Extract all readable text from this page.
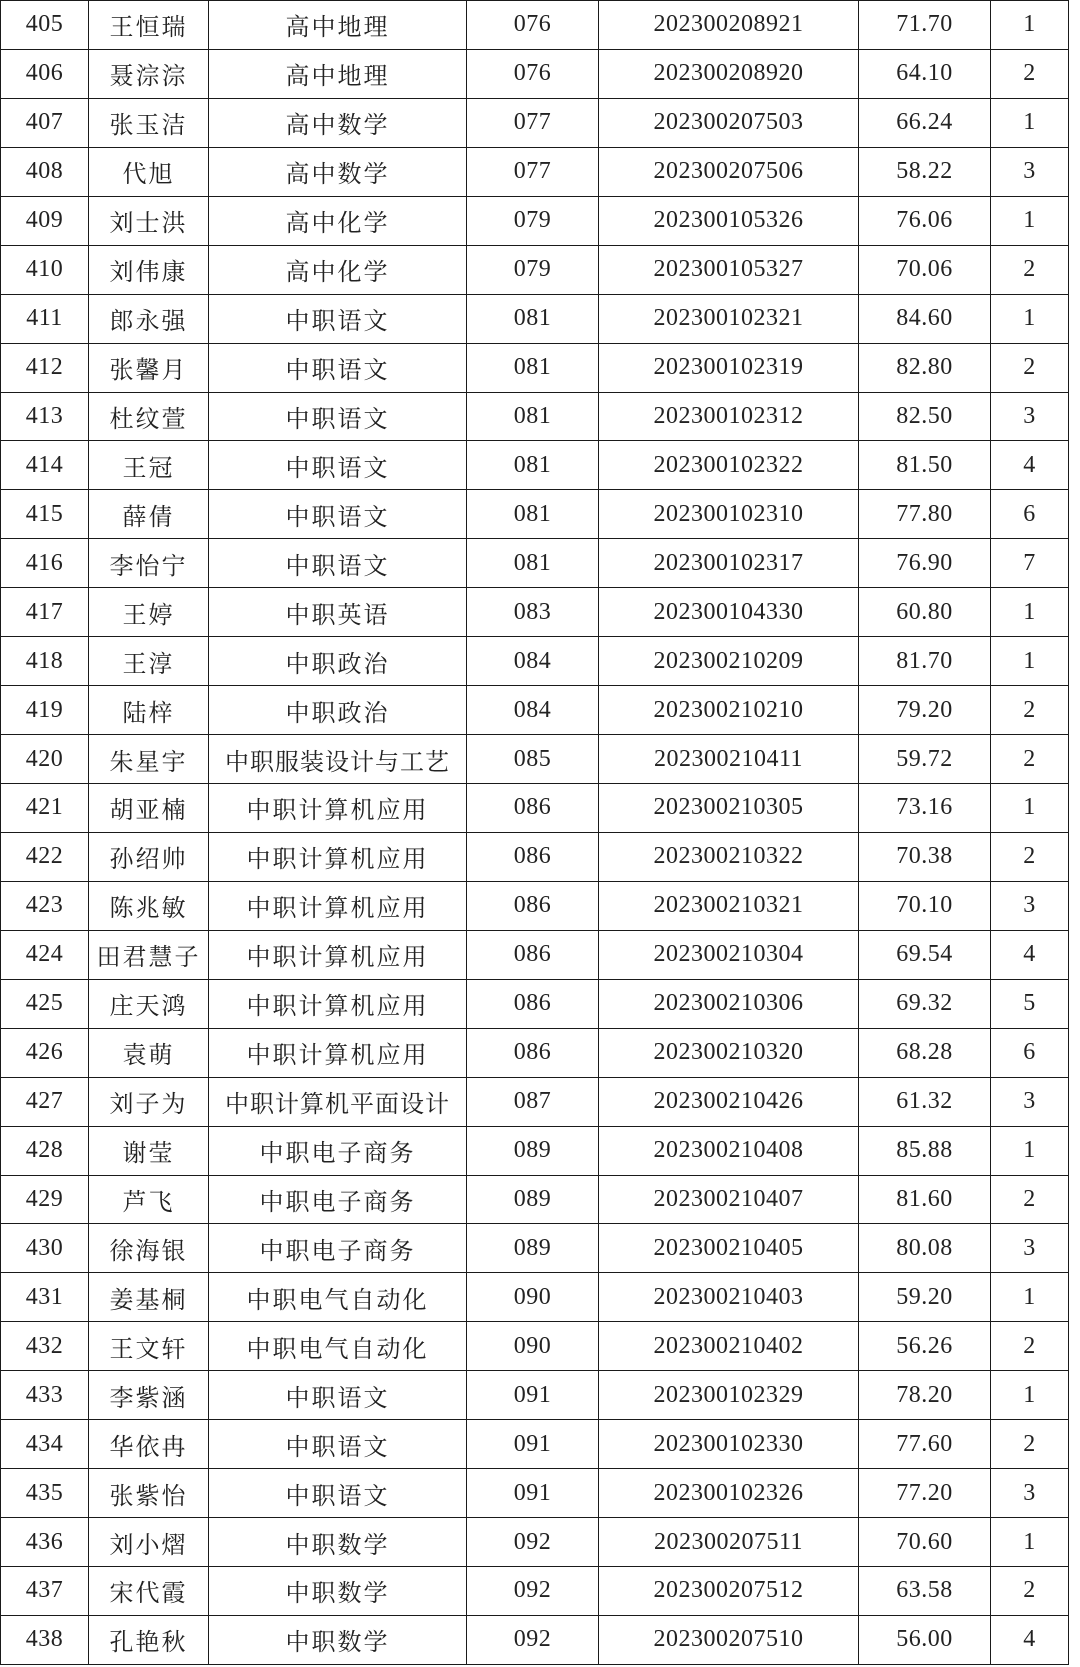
405	王恒瑞	高中地理	076	202300208921	71.70	1
406	聂淙淙	高中地理	076	202300208920	64.10	2
407	张玉洁	高中数学	077	202300207503	66.24	1
408	代旭	高中数学	077	202300207506	58.22	3
409	刘士洪	高中化学	079	202300105326	76.06	1
410	刘伟康	高中化学	079	202300105327	70.06	2
411	郎永强	中职语文	081	202300102321	84.60	1
412	张馨月	中职语文	081	202300102319	82.80	2
413	杜纹萱	中职语文	081	202300102312	82.50	3
414	王冠	中职语文	081	202300102322	81.50	4
415	薛倩	中职语文	081	202300102310	77.80	6
416	李怡宁	中职语文	081	202300102317	76.90	7
417	王婷	中职英语	083	202300104330	60.80	1
418	王淳	中职政治	084	202300210209	81.70	1
419	陆梓	中职政治	084	202300210210	79.20	2
420	朱星宇	中职服装设计与工艺	085	202300210411	59.72	2
421	胡亚楠	中职计算机应用	086	202300210305	73.16	1
422	孙绍帅	中职计算机应用	086	202300210322	70.38	2
423	陈兆敏	中职计算机应用	086	202300210321	70.10	3
424	田君慧子	中职计算机应用	086	202300210304	69.54	4
425	庄天鸿	中职计算机应用	086	202300210306	69.32	5
426	袁萌	中职计算机应用	086	202300210320	68.28	6
427	刘子为	中职计算机平面设计	087	202300210426	61.32	3
428	谢莹	中职电子商务	089	202300210408	85.88	1
429	芦飞	中职电子商务	089	202300210407	81.60	2
430	徐海银	中职电子商务	089	202300210405	80.08	3
431	姜基桐	中职电气自动化	090	202300210403	59.20	1
432	王文轩	中职电气自动化	090	202300210402	56.26	2
433	李紫涵	中职语文	091	202300102329	78.20	1
434	华依冉	中职语文	091	202300102330	77.60	2
435	张紫怡	中职语文	091	202300102326	77.20	3
436	刘小熠	中职数学	092	202300207511	70.60	1
437	宋代霞	中职数学	092	202300207512	63.58	2
438	孔艳秋	中职数学	092	202300207510	56.00	4
